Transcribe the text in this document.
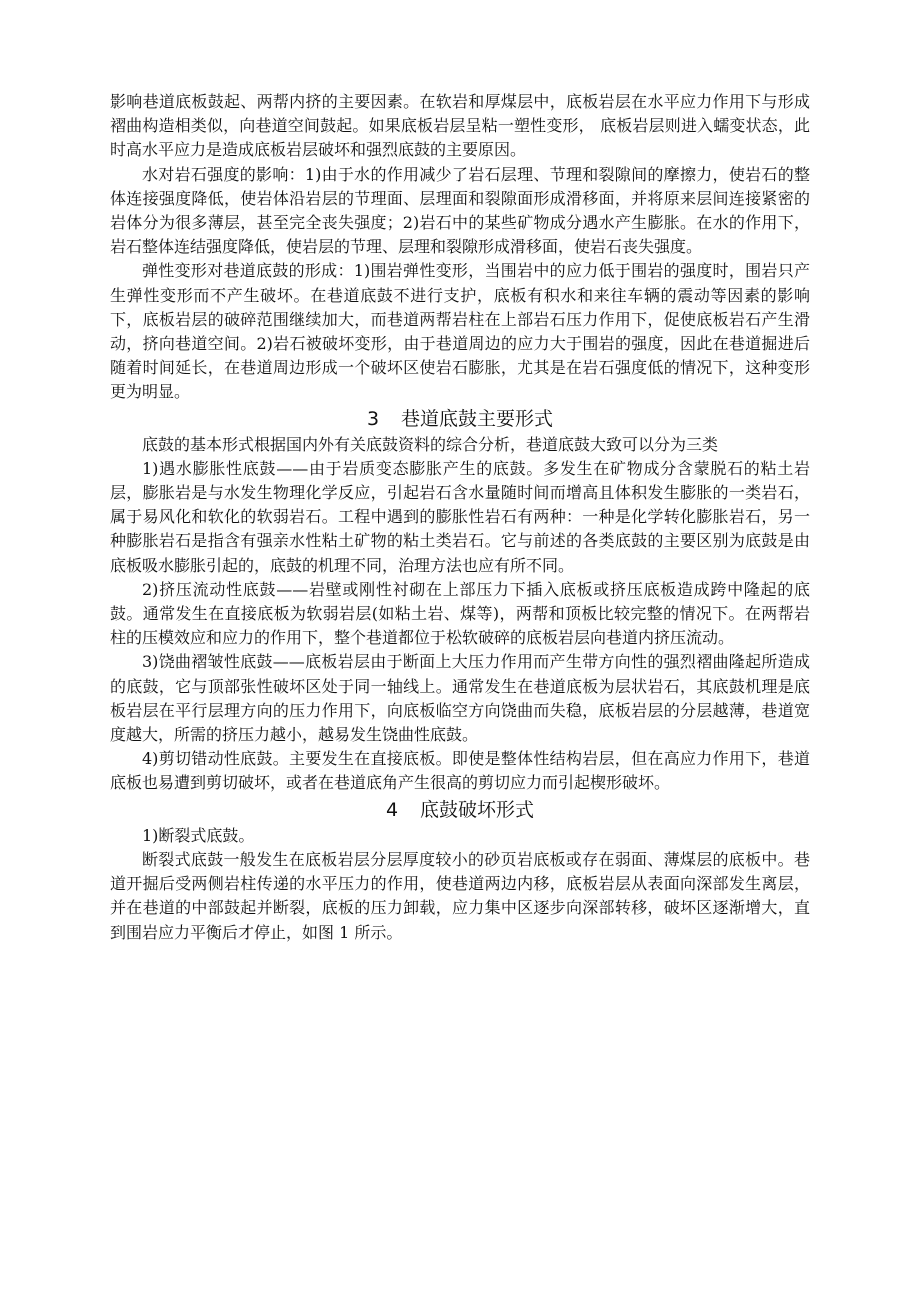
影响巷道底板鼓起、两帮内挤的主要因素。在软岩和厚煤层中，底板岩层在水平应力作用下与形成褶曲构造相类似，向巷道空间鼓起。如果底板岩层呈粘一塑性变形， 底板岩层则进入蠕变状态，此时高水平应力是造成底板岩层破坏和强烈底鼓的主要原因。

水对岩石强度的影响：1)由于水的作用减少了岩石层理、节理和裂隙间的摩擦力，使岩石的整体连接强度降低，使岩体沿岩层的节理面、层理面和裂隙面形成滑移面，并将原来层间连接紧密的岩体分为很多薄层，甚至完全丧失强度；2)岩石中的某些矿物成分遇水产生膨胀。在水的作用下，岩石整体连结强度降低，使岩层的节理、层理和裂隙形成滑移面，使岩石丧失强度。

弹性变形对巷道底鼓的形成：1)围岩弹性变形，当围岩中的应力低于围岩的强度时，围岩只产生弹性变形而不产生破坏。在巷道底鼓不进行支护，底板有积水和来往车辆的震动等因素的影响下，底板岩层的破碎范围继续加大，而巷道两帮岩柱在上部岩石压力作用下，促使底板岩石产生滑动，挤向巷道空间。2)岩石被破坏变形，由于巷道周边的应力大于围岩的强度，因此在巷道掘进后随着时间延长，在巷道周边形成一个破坏区使岩石膨胀，尤其是在岩石强度低的情况下，这种变形更为明显。

3 巷道底鼓主要形式

底鼓的基本形式根据国内外有关底鼓资料的综合分析，巷道底鼓大致可以分为三类

1)遇水膨胀性底鼓——由于岩质变态膨胀产生的底鼓。多发生在矿物成分含蒙脱石的粘土岩层，膨胀岩是与水发生物理化学反应，引起岩石含水量随时间而增高且体积发生膨胀的一类岩石，属于易风化和软化的软弱岩石。工程中遇到的膨胀性岩石有两种：一种是化学转化膨胀岩石，另一种膨胀岩石是指含有强亲水性粘土矿物的粘土类岩石。它与前述的各类底鼓的主要区别为底鼓是由底板吸水膨胀引起的，底鼓的机理不同，治理方法也应有所不同。

2)挤压流动性底鼓——岩壁或刚性衬砌在上部压力下插入底板或挤压底板造成跨中隆起的底鼓。通常发生在直接底板为软弱岩层(如粘土岩、煤等)，两帮和顶板比较完整的情况下。在两帮岩柱的压模效应和应力的作用下，整个巷道都位于松软破碎的底板岩层向巷道内挤压流动。

3)饶曲褶皱性底鼓——底板岩层由于断面上大压力作用而产生带方向性的强烈褶曲隆起所造成的底鼓，它与顶部张性破坏区处于同一轴线上。通常发生在巷道底板为层状岩石，其底鼓机理是底板岩层在平行层理方向的压力作用下，向底板临空方向饶曲而失稳，底板岩层的分层越薄，巷道宽度越大，所需的挤压力越小，越易发生饶曲性底鼓。

4)剪切错动性底鼓。主要发生在直接底板。即使是整体性结构岩层，但在高应力作用下，巷道底板也易遭到剪切破坏，或者在巷道底角产生很高的剪切应力而引起楔形破坏。

4 底鼓破坏形式

1)断裂式底鼓。

断裂式底鼓一般发生在底板岩层分层厚度较小的砂页岩底板或存在弱面、薄煤层的底板中。巷道开掘后受两侧岩柱传递的水平压力的作用，使巷道两边内移，底板岩层从表面向深部发生离层，并在巷道的中部鼓起并断裂，底板的压力卸载，应力集中区逐步向深部转移，破坏区逐渐增大，直到围岩应力平衡后才停止，如图 1 所示。
